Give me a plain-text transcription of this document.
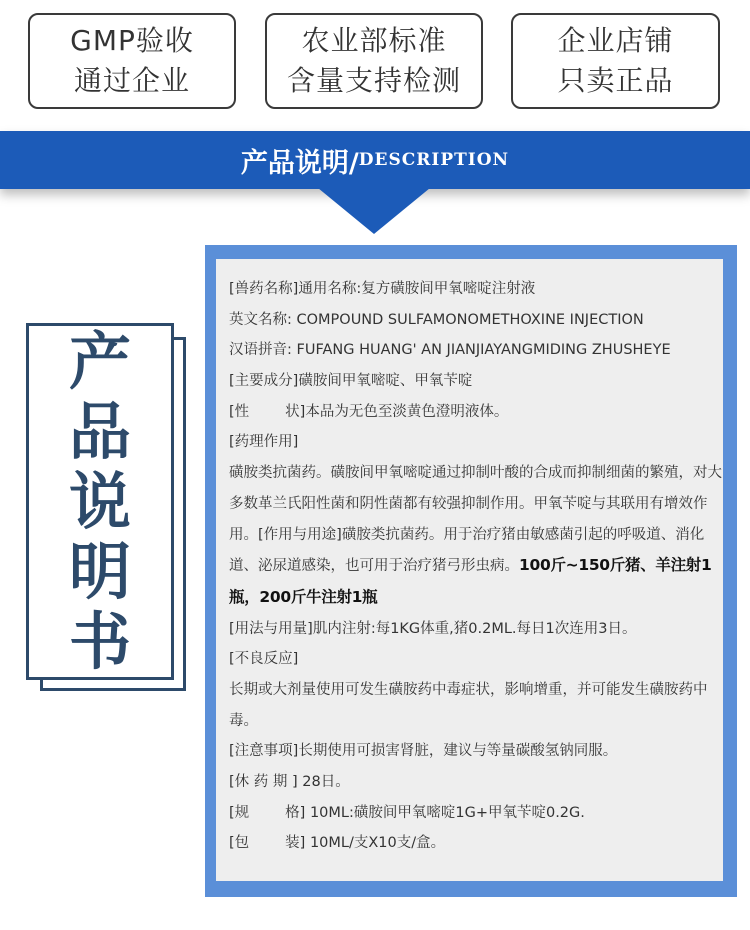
GMP验收
通过企业
农业部标准
含量支持检测
企业店铺
只卖正品
产品说明/ DESCRIPTION
产
品
说
明
书
[兽药名称]通用名称:复方磺胺间甲氧嘧啶注射液
英文名称: COMPOUND SULFAMONOMETHOXINE INJECTION
汉语拼音: FUFANG HUANG' AN JIANJIAYANGMIDING ZHUSHEYE
[主要成分]磺胺间甲氧嘧啶、甲氧苄啶
[性 状]本品为无色至淡黄色澄明液体。
[药理作用]
磺胺类抗菌药。磺胺间甲氧嘧啶通过抑制叶酸的合成而抑制细菌的繁殖，对大多数革兰氏阳性菌和阴性菌都有较强抑制作用。甲氧苄啶与其联用有增效作用。[作用与用途]磺胺类抗菌药。用于治疗猪由敏感菌引起的呼吸道、消化道、泌尿道感染，也可用于治疗猪弓形虫病。100斤~150斤猪、羊注射1瓶，200斤牛注射1瓶
[用法与用量]肌内注射:每1KG体重,猪0.2ML.每日1次连用3日。
[不良反应]
长期或大剂量使用可发生磺胺药中毒症状，影响增重，并可能发生磺胺药中毒。
[注意事项]长期使用可损害肾脏，建议与等量碳酸氢钠同服。
[休 药 期 ] 28日。
[规 格] 10ML:磺胺间甲氧嘧啶1G+甲氧苄啶0.2G.
[包 装] 10ML/支X10支/盒。
